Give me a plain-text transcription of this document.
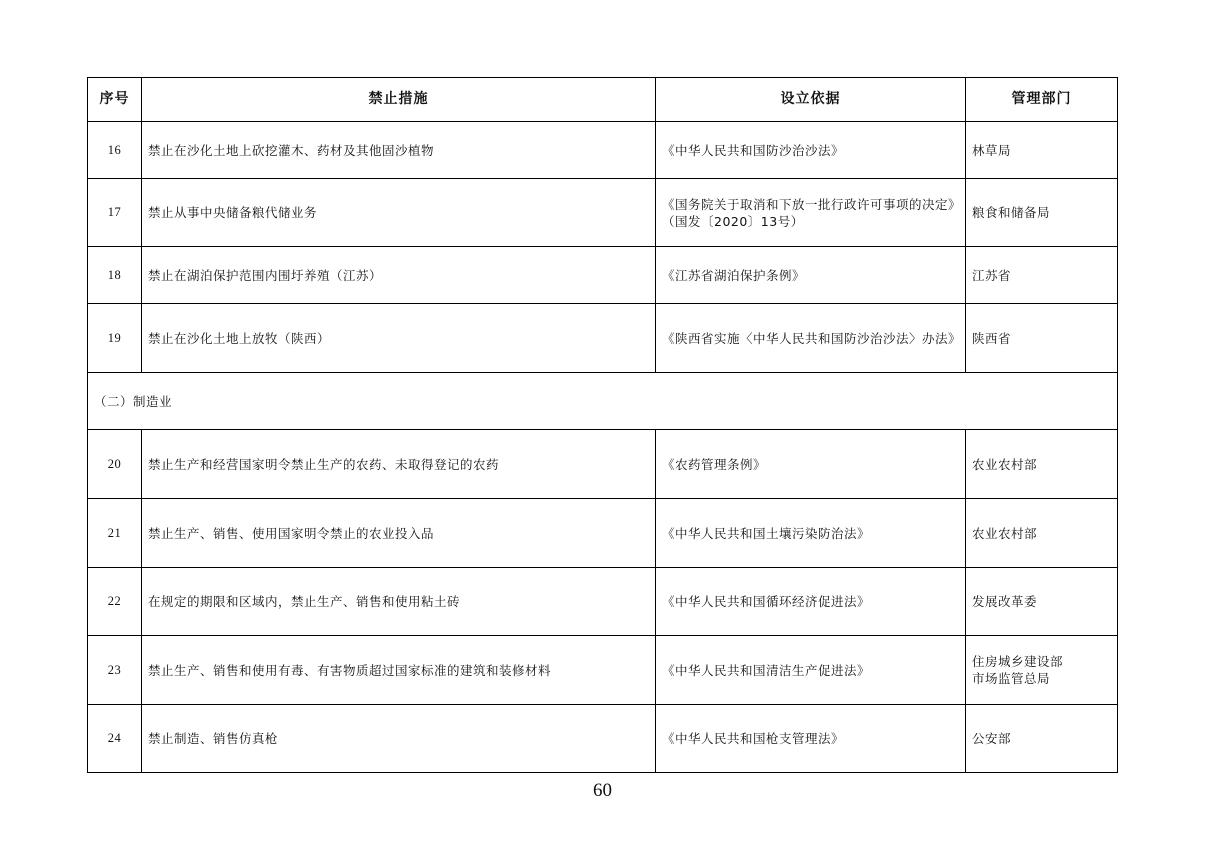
序号	禁止措施	设立依据	管理部门
16	禁止在沙化土地上砍挖灌木、药材及其他固沙植物	《中华人民共和国防沙治沙法》	林草局
17	禁止从事中央储备粮代储业务	《国务院关于取消和下放一批行政许可事项的决定》（国发〔2020〕13号）	粮食和储备局
18	禁止在湖泊保护范围内围圩养殖（江苏）	《江苏省湖泊保护条例》	江苏省
19	禁止在沙化土地上放牧（陕西）	《陕西省实施〈中华人民共和国防沙治沙法〉办法》	陕西省
（二）制造业			
20	禁止生产和经营国家明令禁止生产的农药、未取得登记的农药	《农药管理条例》	农业农村部
21	禁止生产、销售、使用国家明令禁止的农业投入品	《中华人民共和国土壤污染防治法》	农业农村部
22	在规定的期限和区域内，禁止生产、销售和使用粘土砖	《中华人民共和国循环经济促进法》	发展改革委
23	禁止生产、销售和使用有毒、有害物质超过国家标准的建筑和装修材料	《中华人民共和国清洁生产促进法》	住房城乡建设部
市场监管总局
24	禁止制造、销售仿真枪	《中华人民共和国枪支管理法》	公安部
60
